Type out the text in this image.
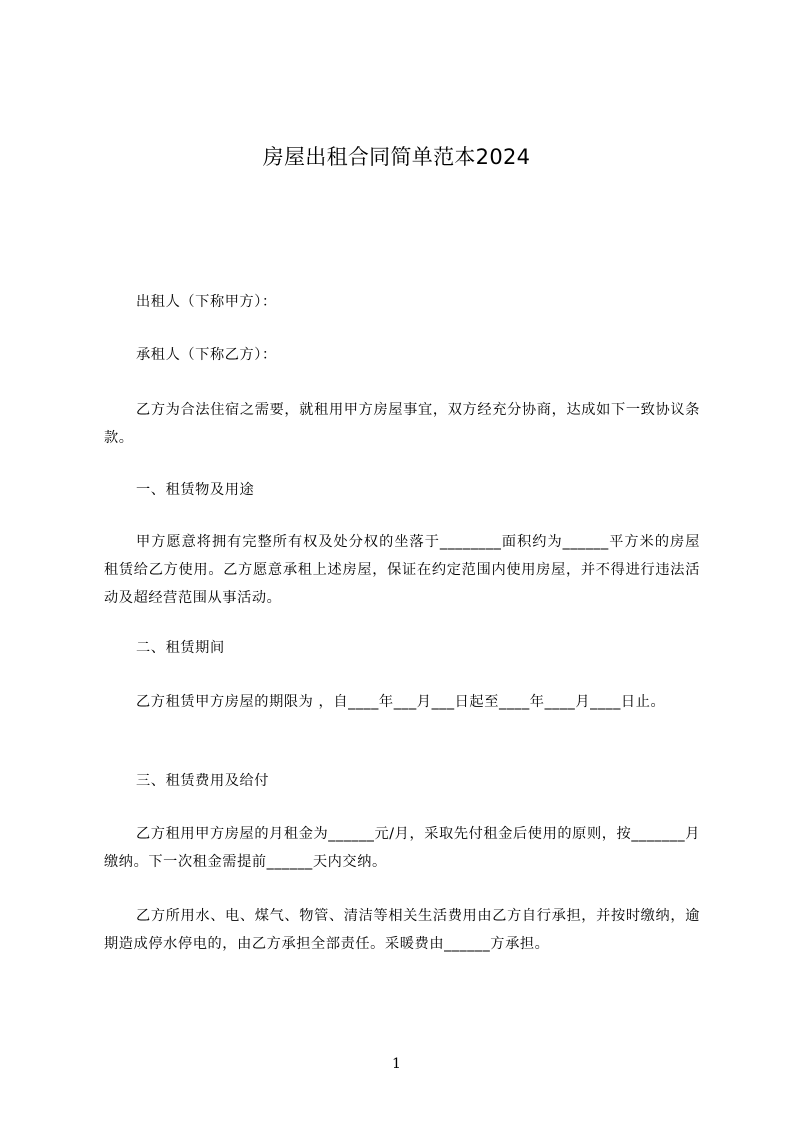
房屋出租合同简单范本2024

出租人（下称甲方）：

承租人（下称乙方）：

乙方为合法住宿之需要，就租用甲方房屋事宜，双方经充分协商，达成如下一致协议条款。

一、租赁物及用途

甲方愿意将拥有完整所有权及处分权的坐落于________面积约为______平方米的房屋租赁给乙方使用。乙方愿意承租上述房屋，保证在约定范围内使用房屋，并不得进行违法活动及超经营范围从事活动。

二、租赁期间

乙方租赁甲方房屋的期限为 ，自____年___月___日起至____年____月____日止。

三、租赁费用及给付

乙方租用甲方房屋的月租金为______元/月，采取先付租金后使用的原则，按_______月缴纳。下一次租金需提前______天内交纳。

乙方所用水、电、煤气、物管、清洁等相关生活费用由乙方自行承担，并按时缴纳，逾期造成停水停电的，由乙方承担全部责任。采暖费由______方承担。

1
